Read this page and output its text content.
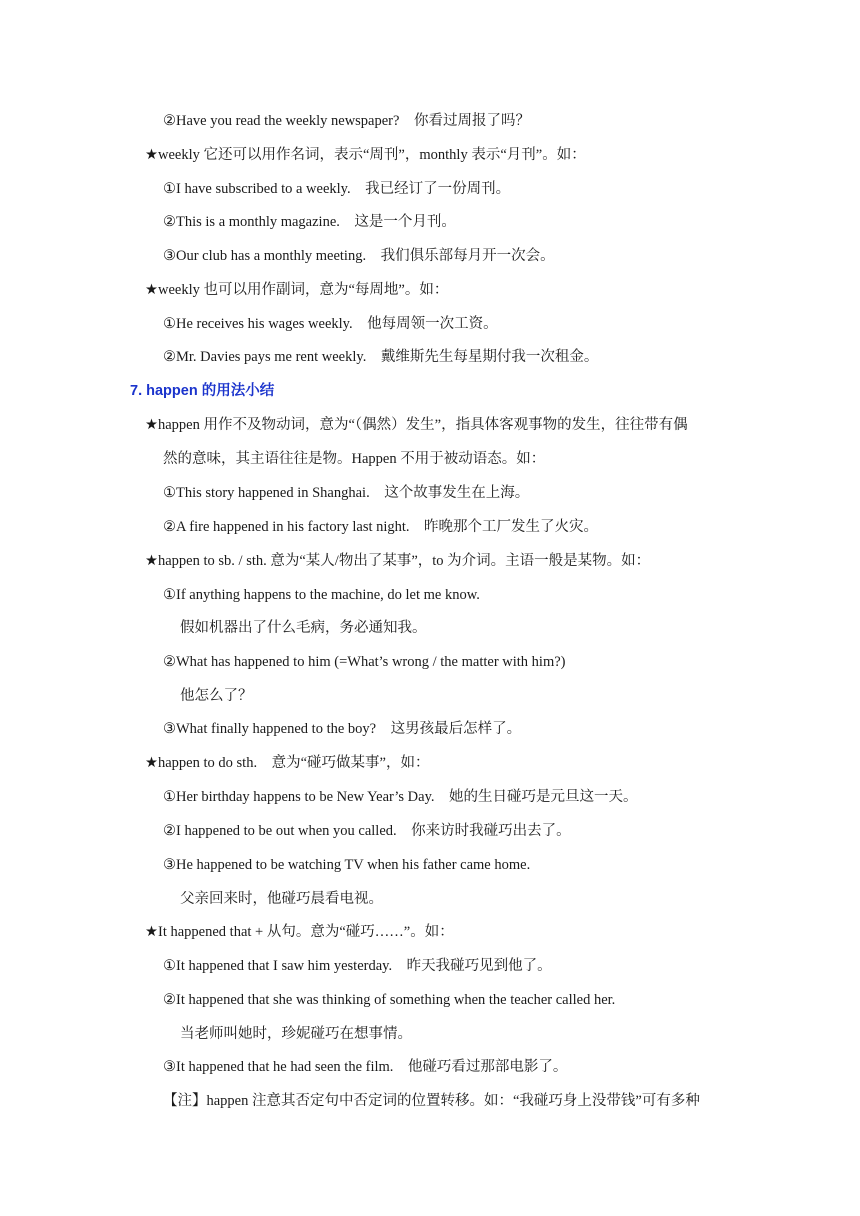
②Have you read the weekly newspaper?　你看过周报了吗？
★weekly 它还可以用作名词，表示“周刊”，monthly 表示“月刊”。如：
①I have subscribed to a weekly.　我已经订了一份周刊。
②This is a monthly magazine.　这是一个月刊。
③Our club has a monthly meeting.　我们俱乐部每月开一次会。
★weekly 也可以用作副词，意为“每周地”。如：
①He receives his wages weekly.　他每周领一次工资。
②Mr. Davies pays me rent weekly.　戴维斯先生每星期付我一次租金。
7. happen 的用法小结
★happen 用作不及物动词，意为“（偶然）发生”，指具体客观事物的发生，往往带有偶
然的意味，其主语往往是物。Happen 不用于被动语态。如：
①This story happened in Shanghai.　这个故事发生在上海。
②A fire happened in his factory last night.　昨晚那个工厂发生了火灾。
★happen to sb. / sth. 意为“某人/物出了某事”，to 为介词。主语一般是某物。如：
①If anything happens to the machine, do let me know.
假如机器出了什么毛病，务必通知我。
②What has happened to him (=What’s wrong / the matter with him?)
他怎么了？
③What finally happened to the boy?　这男孩最后怎样了。
★happen to do sth.　意为“碰巧做某事”，如：
①Her birthday happens to be New Year’s Day.　她的生日碰巧是元旦这一天。
②I happened to be out when you called.　你来访时我碰巧出去了。
③He happened to be watching TV when his father came home.
父亲回来时，他碰巧晨看电视。
★It happened that + 从句。意为“碰巧……”。如：
①It happened that I saw him yesterday.　昨天我碰巧见到他了。
②It happened that she was thinking of something when the teacher called her.
当老师叫她时，珍妮碰巧在想事情。
③It happened that he had seen the film.　他碰巧看过那部电影了。
【注】happen 注意其否定句中否定词的位置转移。如：“我碰巧身上没带钱”可有多种
